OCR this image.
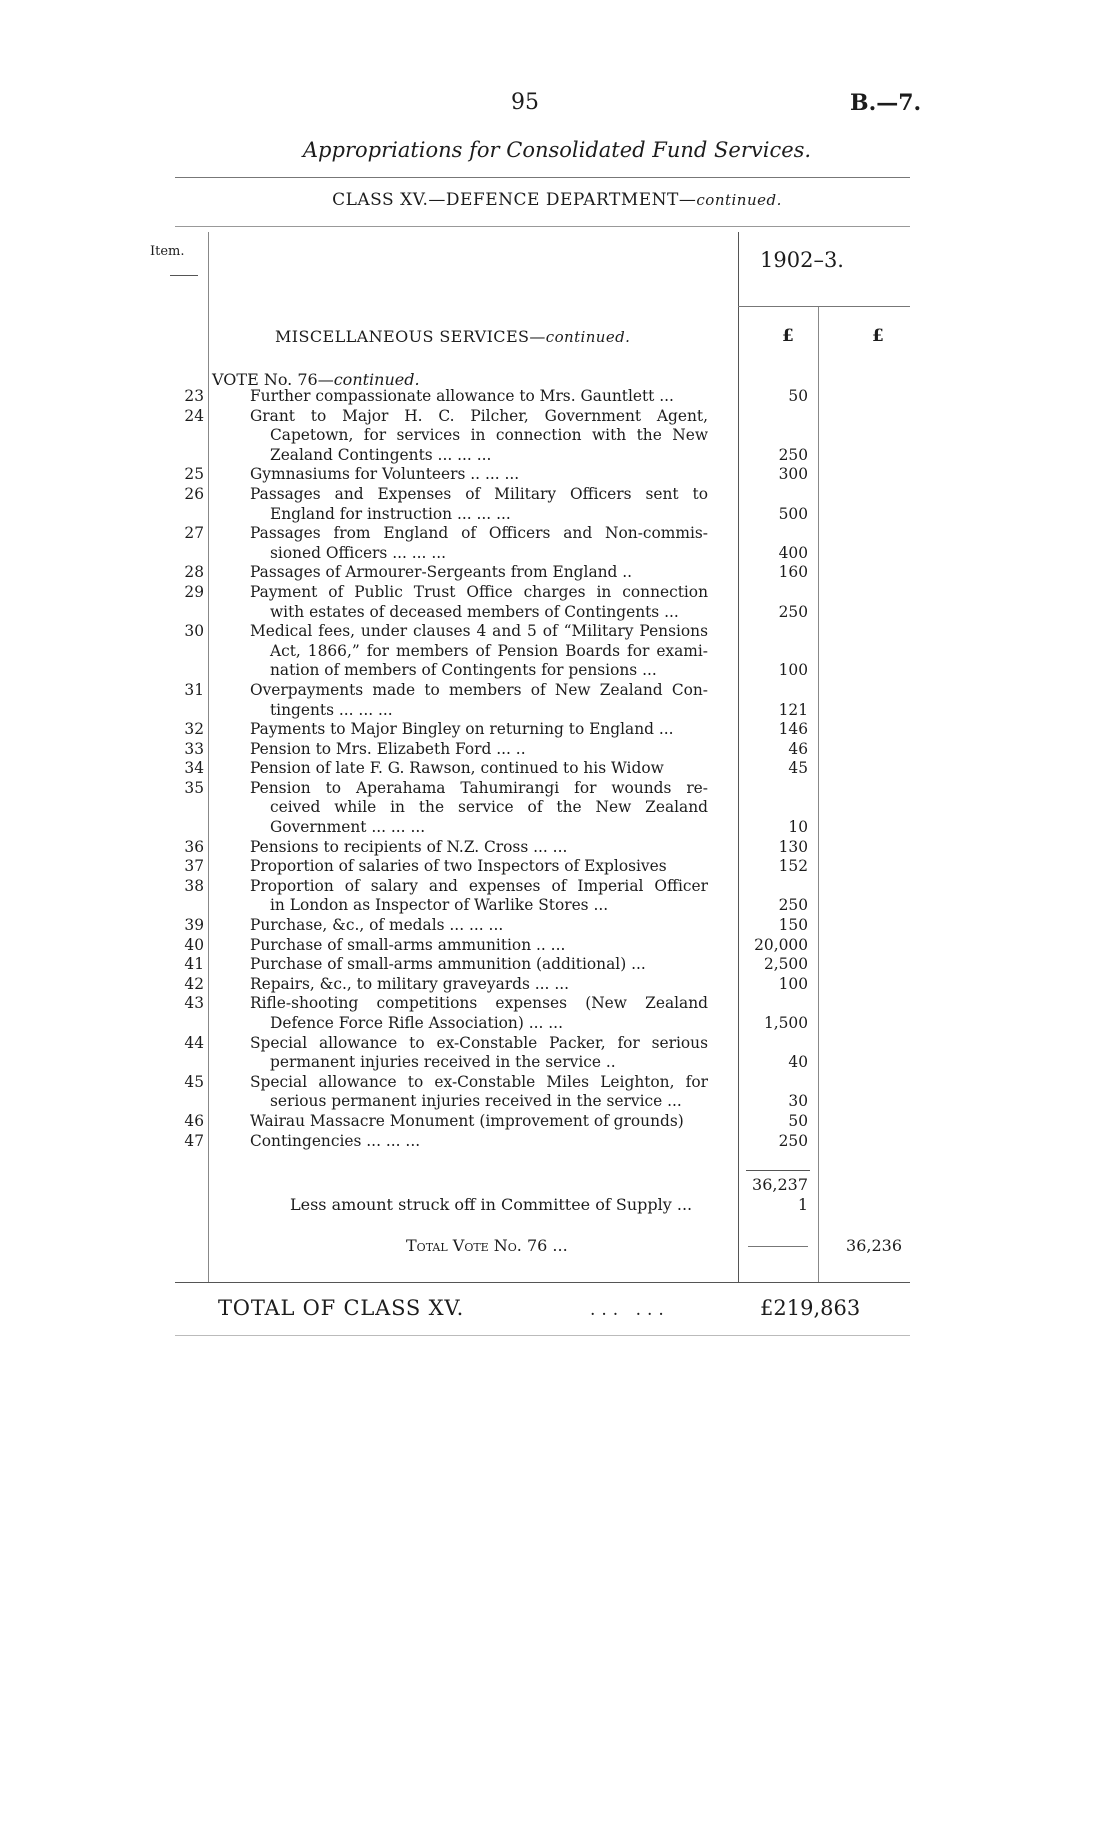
95	B.—7.
Appropriations for Consolidated Fund Services.
CLASS XV.—DEFENCE DEPARTMENT—continued.
Item.	1902–3.
MISCELLANEOUS SERVICES—continued.	£	£
VOTE No. 76—continued.
23	Further compassionate allowance to Mrs. Gauntlett ...	50
24	Grant to Major H. C. Pilcher, Government Agent,
Capetown, for services in connection with the New
Zealand Contingents ... ... ...	250
25	Gymnasiums for Volunteers .. ... ...	300
26	Passages and Expenses of Military Officers sent to
England for instruction ... ... ...	500
27	Passages from England of Officers and Non-commis-
sioned Officers ... ... ...	400
28	Passages of Armourer-Sergeants from England ..	160
29	Payment of Public Trust Office charges in connection
with estates of deceased members of Contingents ...	250
30	Medical fees, under clauses 4 and 5 of “Military Pensions
Act, 1866,” for members of Pension Boards for exami-
nation of members of Contingents for pensions ...	100
31	Overpayments made to members of New Zealand Con-
tingents ... ... ...	121
32	Payments to Major Bingley on returning to England ...	146
33	Pension to Mrs. Elizabeth Ford ... ..	46
34	Pension of late F. G. Rawson, continued to his Widow	45
35	Pension to Aperahama Tahumirangi for wounds re-
ceived while in the service of the New Zealand
Government ... ... ...	10
36	Pensions to recipients of N.Z. Cross ... ...	130
37	Proportion of salaries of two Inspectors of Explosives	152
38	Proportion of salary and expenses of Imperial Officer
in London as Inspector of Warlike Stores ...	250
39	Purchase, &c., of medals ... ... ...	150
40	Purchase of small-arms ammunition .. ...	20,000
41	Purchase of small-arms ammunition (additional) ...	2,500
42	Repairs, &c., to military graveyards ... ...	100
43	Rifle-shooting competitions expenses (New Zealand
Defence Force Rifle Association) ... ...	1,500
44	Special allowance to ex-Constable Packer, for serious
permanent injuries received in the service ..	40
45	Special allowance to ex-Constable Miles Leighton, for
serious permanent injuries received in the service ...	30
46	Wairau Massacre Monument (improvement of grounds)	50
47	Contingencies ... ... ...	250
36,237
Less amount struck off in Committee of Supply ...	1
Total Vote No. 76 ...	36,236
TOTAL OF CLASS XV.	... ...	£219,863
